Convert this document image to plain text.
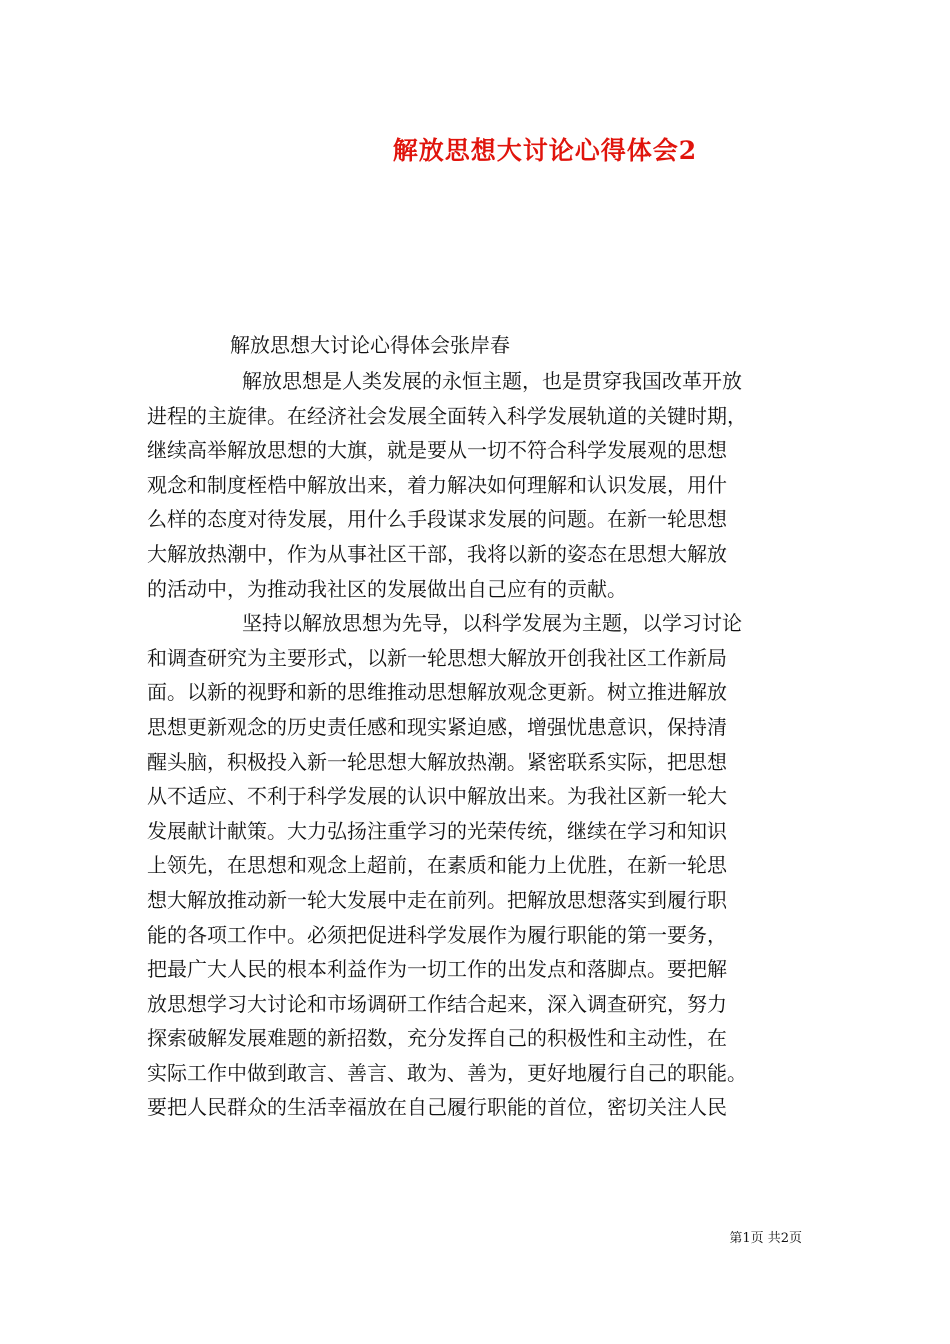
解放思想大讨论心得体会2

解放思想大讨论心得体会张岸春

解放思想是人类发展的永恒主题，也是贯穿我国改革开放

进程的主旋律。在经济社会发展全面转入科学发展轨道的关键时期，

继续高举解放思想的大旗，就是要从一切不符合科学发展观的思想

观念和制度桎梏中解放出来，着力解决如何理解和认识发展，用什

么样的态度对待发展，用什么手段谋求发展的问题。在新一轮思想

大解放热潮中，作为从事社区干部，我将以新的姿态在思想大解放

的活动中，为推动我社区的发展做出自己应有的贡献。

坚持以解放思想为先导，以科学发展为主题，以学习讨论

和调查研究为主要形式，以新一轮思想大解放开创我社区工作新局

面。以新的视野和新的思维推动思想解放观念更新。树立推进解放

思想更新观念的历史责任感和现实紧迫感，增强忧患意识，保持清

醒头脑，积极投入新一轮思想大解放热潮。紧密联系实际，把思想

从不适应、不利于科学发展的认识中解放出来。为我社区新一轮大

发展献计献策。大力弘扬注重学习的光荣传统，继续在学习和知识

上领先，在思想和观念上超前，在素质和能力上优胜，在新一轮思

想大解放推动新一轮大发展中走在前列。把解放思想落实到履行职

能的各项工作中。必须把促进科学发展作为履行职能的第一要务，

把最广大人民的根本利益作为一切工作的出发点和落脚点。要把解

放思想学习大讨论和市场调研工作结合起来，深入调查研究，努力

探索破解发展难题的新招数，充分发挥自己的积极性和主动性，在

实际工作中做到敢言、善言、敢为、善为，更好地履行自己的职能。

要把人民群众的生活幸福放在自己履行职能的首位，密切关注人民

第1页 共2页
